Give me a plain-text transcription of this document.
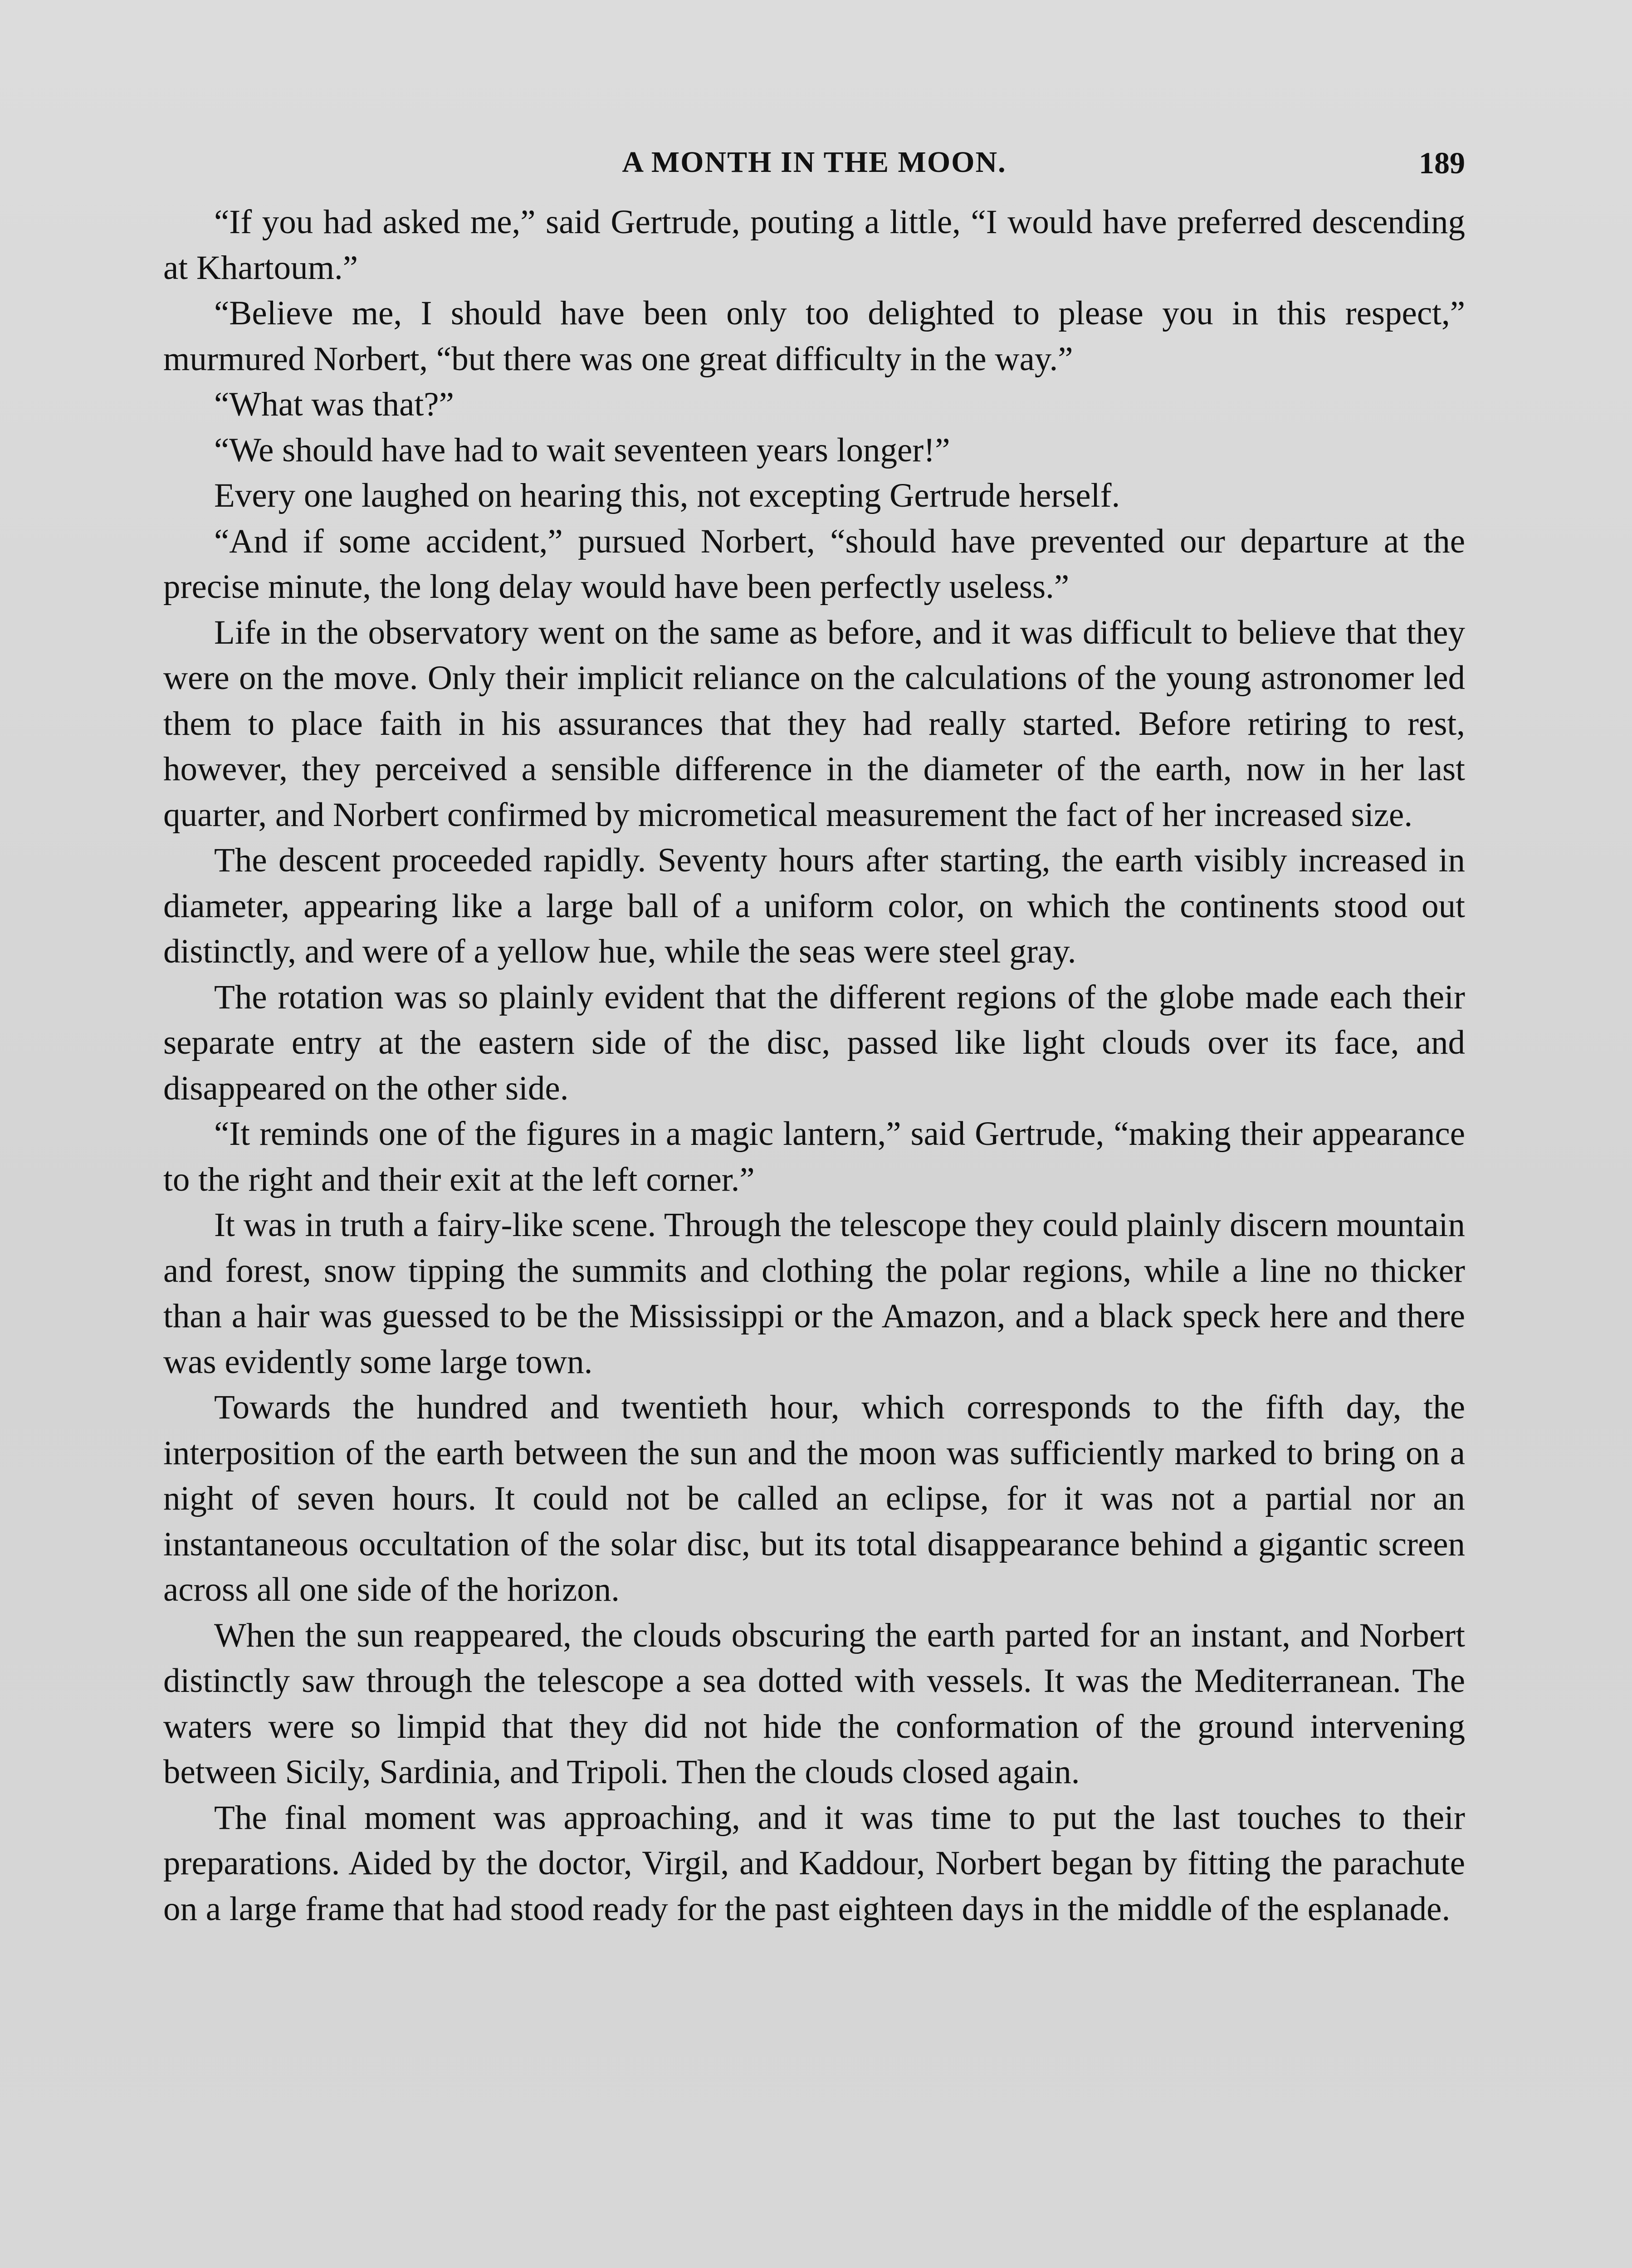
A MONTH IN THE MOON.	189

“If you had asked me,” said Gertrude, pouting a little, “I would have preferred descending at Khartoum.”

“Believe me, I should have been only too delighted to please you in this respect,” murmured Norbert, “but there was one great difficulty in the way.”

“What was that?”

“We should have had to wait seventeen years longer!”

Every one laughed on hearing this, not excepting Gertrude herself.

“And if some accident,” pursued Norbert, “should have prevented our departure at the precise minute, the long delay would have been perfectly useless.”

Life in the observatory went on the same as before, and it was difficult to believe that they were on the move. Only their implicit reliance on the calculations of the young astronomer led them to place faith in his assurances that they had really started. Before retiring to rest, however, they perceived a sensible difference in the diameter of the earth, now in her last quarter, and Norbert confirmed by micrometical measurement the fact of her increased size.

The descent proceeded rapidly. Seventy hours after starting, the earth visibly increased in diameter, appearing like a large ball of a uniform color, on which the continents stood out distinctly, and were of a yellow hue, while the seas were steel gray.

The rotation was so plainly evident that the different regions of the globe made each their separate entry at the eastern side of the disc, passed like light clouds over its face, and disappeared on the other side.

“It reminds one of the figures in a magic lantern,” said Gertrude, “making their appearance to the right and their exit at the left corner.”

It was in truth a fairy-like scene. Through the telescope they could plainly discern mountain and forest, snow tipping the summits and clothing the polar regions, while a line no thicker than a hair was guessed to be the Mississippi or the Amazon, and a black speck here and there was evidently some large town.

Towards the hundred and twentieth hour, which corresponds to the fifth day, the interposition of the earth between the sun and the moon was sufficiently marked to bring on a night of seven hours. It could not be called an eclipse, for it was not a partial nor an instantaneous occultation of the solar disc, but its total disappearance behind a gigantic screen across all one side of the horizon.

When the sun reappeared, the clouds obscuring the earth parted for an instant, and Norbert distinctly saw through the telescope a sea dotted with vessels. It was the Mediterranean. The waters were so limpid that they did not hide the conformation of the ground intervening between Sicily, Sardinia, and Tripoli. Then the clouds closed again.

The final moment was approaching, and it was time to put the last touches to their preparations. Aided by the doctor, Virgil, and Kaddour, Norbert began by fitting the parachute on a large frame that had stood ready for the past eighteen days in the middle of the esplanade.
